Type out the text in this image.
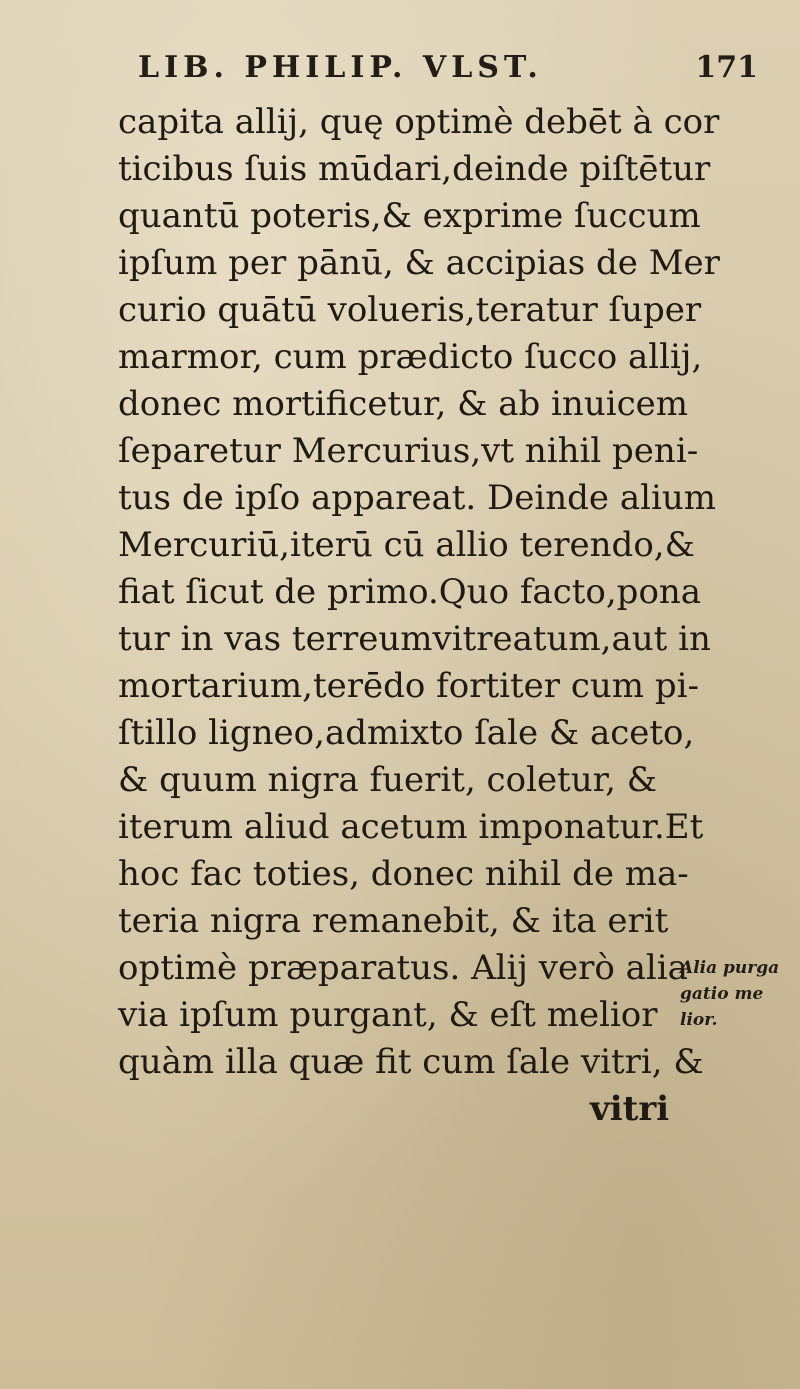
LIB. PHILIP. VLST.	171
capita allij, quę optimè debēt à cor
ticibus ſuis mūdari,deinde piſtētur
quantū poteris,& exprime ſuccum
ipſum per pānū, & accipias de Mer
curio quātū volueris,teratur ſuper
marmor, cum prædicto ſucco allij,
donec mortificetur, & ab inuicem
ſeparetur Mercurius,vt nihil peni-
tus de ipſo appareat. Deinde alium
Mercuriū,iterū cū allio terendo,&
fiat ſicut de primo.Quo facto,pona
tur in vas terreumvitreatum,aut in
mortarium,terēdo fortiter cum pi-
ſtillo ligneo,admixto ſale & aceto,
& quum nigra fuerit, coletur, &
iterum aliud acetum imponatur.Et
hoc fac toties, donec nihil de ma-
teria nigra remanebit, & ita erit
optimè præparatus. Alij verò alia
via ipſum purgant, & eſt melior
quàm illa quæ fit cum ſale vitri, &
vitri
Alia purga
gatio me
lior.
